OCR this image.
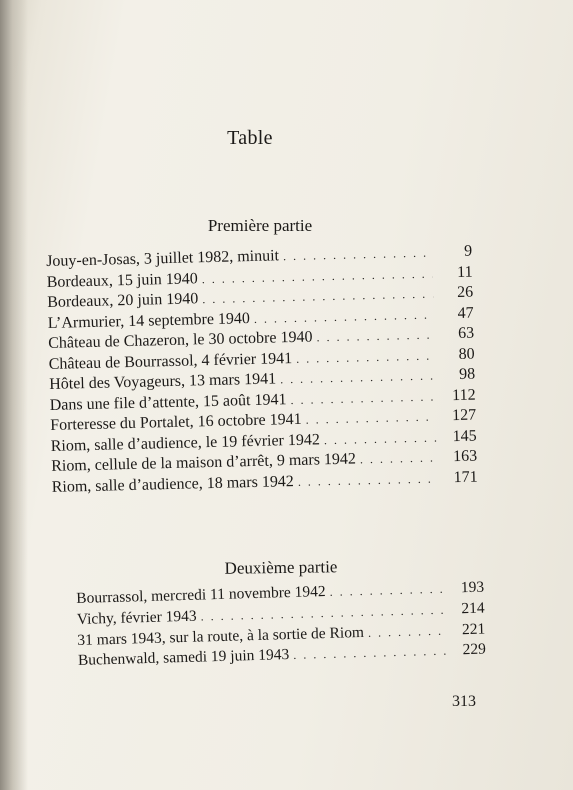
Table
Première partie
Jouy-en-Josas, 3 juillet 1982, minuit . . .	9
Bordeaux, 15 juin 1940 . . .	11
Bordeaux, 20 juin 1940 . . .	26
L’Armurier, 14 septembre 1940 . . .	47
Château de Chazeron, le 30 octobre 1940 . . .	63
Château de Bourrassol, 4 février 1941 . . .	80
Hôtel des Voyageurs, 13 mars 1941 . . .	98
Dans une file d’attente, 15 août 1941 . . .	112
Forteresse du Portalet, 16 octobre 1941 . . .	127
Riom, salle d’audience, le 19 février 1942 . . .	145
Riom, cellule de la maison d’arrêt, 9 mars 1942 . . .	163
Riom, salle d’audience, 18 mars 1942 . . .	171
Deuxième partie
Bourrassol, mercredi 11 novembre 1942 . . .	193
Vichy, février 1943 . . .	214
31 mars 1943, sur la route, à la sortie de Riom . . .	221
Buchenwald, samedi 19 juin 1943 . . .	229
313
